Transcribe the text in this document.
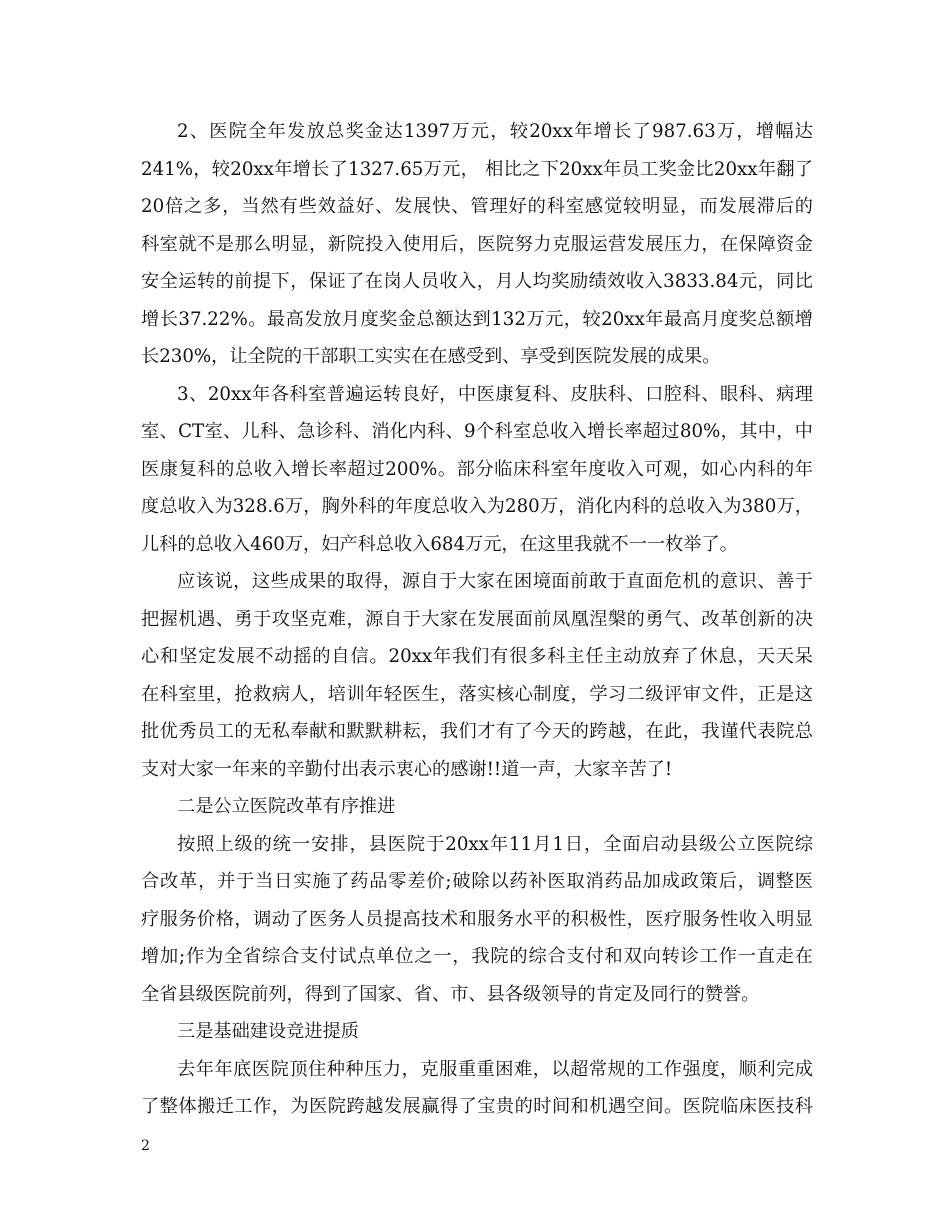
2、医院全年发放总奖金达1397万元，较20xx年增长了987.63万，增幅达
241%，较20xx年增长了1327.65万元， 相比之下20xx年员工奖金比20xx年翻了
20倍之多，当然有些效益好、发展快、管理好的科室感觉较明显，而发展滞后的
科室就不是那么明显，新院投入使用后，医院努力克服运营发展压力，在保障资金
安全运转的前提下，保证了在岗人员收入，月人均奖励绩效收入3833.84元，同比
增长37.22%。最高发放月度奖金总额达到132万元，较20xx年最高月度奖总额增
长230%，让全院的干部职工实实在在感受到、享受到医院发展的成果。
3、20xx年各科室普遍运转良好，中医康复科、皮肤科、口腔科、眼科、病理
室、CT室、儿科、急诊科、消化内科、9个科室总收入增长率超过80%，其中，中
医康复科的总收入增长率超过200%。部分临床科室年度收入可观，如心内科的年
度总收入为328.6万，胸外科的年度总收入为280万，消化内科的总收入为380万，
儿科的总收入460万，妇产科总收入684万元，在这里我就不一一枚举了。
应该说，这些成果的取得，源自于大家在困境面前敢于直面危机的意识、善于
把握机遇、勇于攻坚克难，源自于大家在发展面前凤凰涅槃的勇气、改革创新的决
心和坚定发展不动摇的自信。20xx年我们有很多科主任主动放弃了休息，天天呆
在科室里，抢救病人，培训年轻医生，落实核心制度，学习二级评审文件，正是这
批优秀员工的无私奉献和默默耕耘，我们才有了今天的跨越，在此，我谨代表院总
支对大家一年来的辛勤付出表示衷心的感谢!!道一声，大家辛苦了!
二是公立医院改革有序推进
按照上级的统一安排，县医院于20xx年11月1日，全面启动县级公立医院综
合改革，并于当日实施了药品零差价;破除以药补医取消药品加成政策后，调整医
疗服务价格，调动了医务人员提高技术和服务水平的积极性，医疗服务性收入明显
增加;作为全省综合支付试点单位之一，我院的综合支付和双向转诊工作一直走在
全省县级医院前列，得到了国家、省、市、县各级领导的肯定及同行的赞誉。
三是基础建设竞进提质
去年年底医院顶住种种压力，克服重重困难，以超常规的工作强度，顺利完成
了整体搬迁工作，为医院跨越发展赢得了宝贵的时间和机遇空间。医院临床医技科
2
